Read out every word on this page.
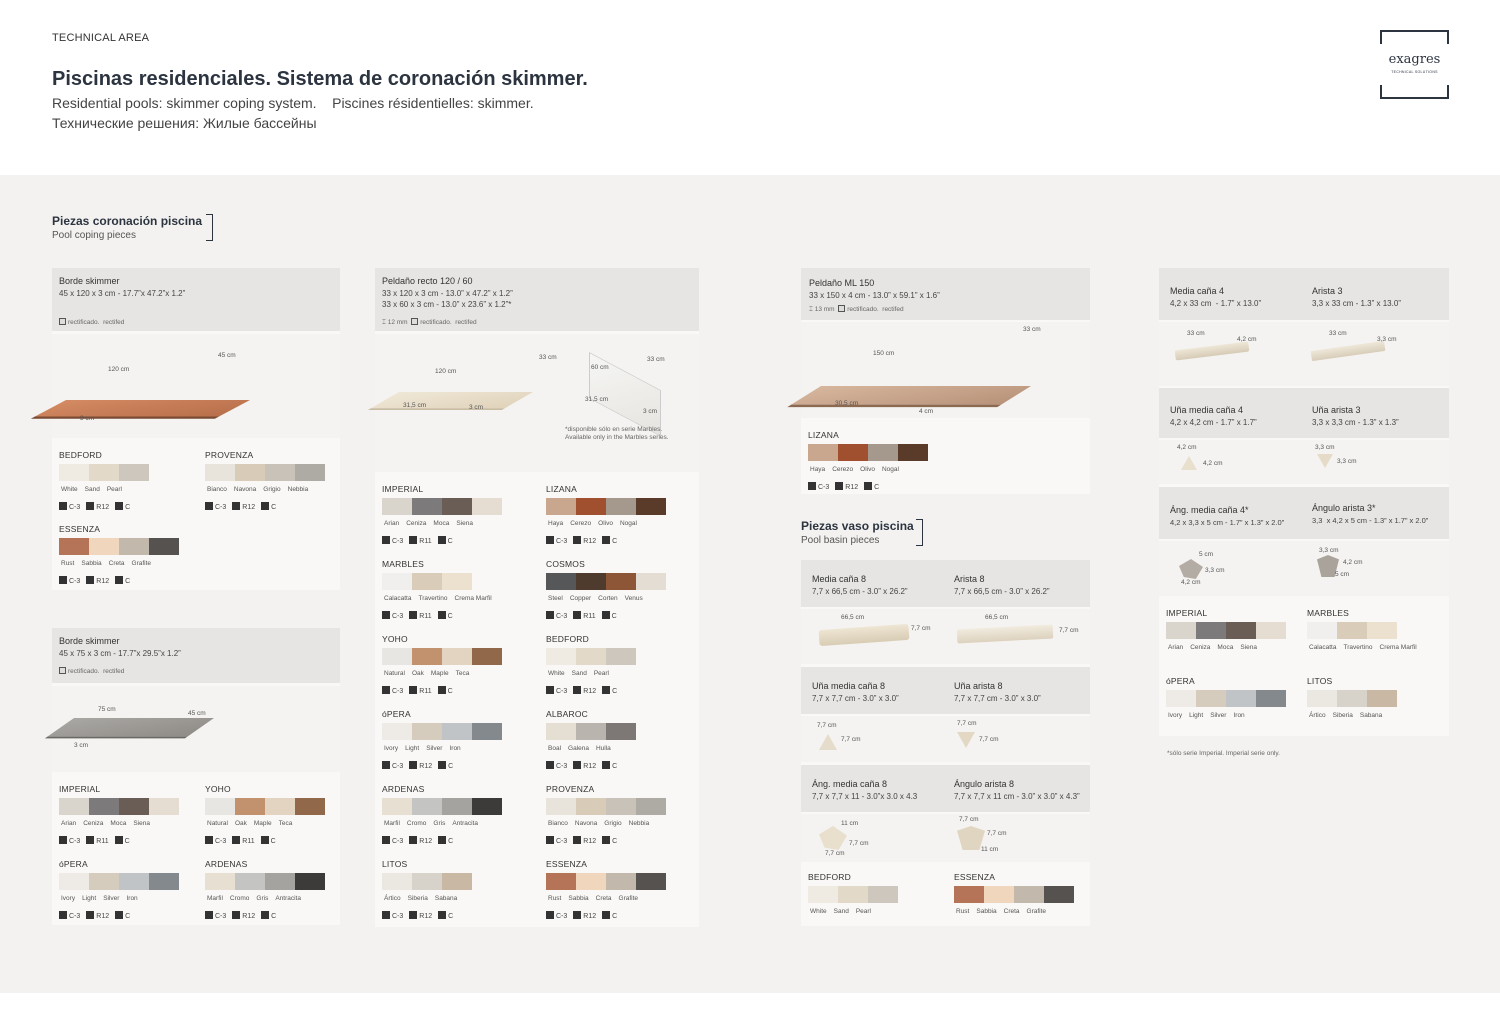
TECHNICAL AREA
Piscinas residenciales. Sistema de coronación skimmer.
Residential pools: skimmer coping system.    Piscines résidentielles: skimmer.
Технические решения: Жилые бассейны
exagres
TECHNICAL SOLUTIONS
Piezas coronación piscina
Pool coping pieces
Piezas vaso piscina
Pool basin pieces
Borde skimmer
45 x 120 x 3 cm - 17.7”x 47.2”x 1.2”
rectificado. rectifed
120 cm
45 cm
3 cm
BEDFORD
White Sand Pearl
C-3 R12 C
PROVENZA
Bianco Navona Grigio Nebbia
C-3 R12 C
ESSENZA
Rust Sabbia Creta Grafite
C-3 R12 C
Borde skimmer
45 x 75 x 3 cm - 17.7”x 29.5”x 1.2”
rectificado. rectifed
75 cm
45 cm
3 cm
IMPERIAL
Arian Ceniza Moca Siena
C-3 R11 C
YOHO
Natural Oak Maple Teca
C-3 R11 C
óPERA
Ivory Light Silver Iron
C-3 R12 C
ARDENAS
Marfil Cromo Gris Antracita
C-3 R12 C
Peldaño recto 120 / 60
33 x 120 x 3 cm - 13.0” x 47.2” x 1.2”
33 x 60 x 3 cm - 13.0” x 23.6” x 1.2”*
⌶ 12 mm rectificado. rectifed
120 cm
33 cm
31,5 cm	3 cm
60 cm
33 cm
31,5 cm
3 cm
*disponible sólo en serie Marbles.
Available only in the Marbles series.
IMPERIAL
Arian Ceniza Moca Siena
C-3 R11 C
LIZANA
Haya Cerezo Olivo Nogal
C-3 R12 C
MARBLES
Calacatta Travertino Crema Marfil
C-3 R11 C
COSMOS
Steel Copper Corten Venus
C-3 R11 C
YOHO
Natural Oak Maple Teca
C-3 R11 C
BEDFORD
White Sand Pearl
C-3 R12 C
óPERA
Ivory Light Silver Iron
C-3 R12 C
ALBAROC
Boal Galena Hulla
C-3 R12 C
ARDENAS
Marfil Cromo Gris Antracita
C-3 R12 C
PROVENZA
Bianco Navona Grigio Nebbia
C-3 R12 C
LITOS
Ártico Siberia Sabana
C-3 R12 C
ESSENZA
Rust Sabbia Creta Grafite
C-3 R12 C
Peldaño ML 150
33 x 150 x 4 cm - 13.0” x 59.1” x 1.6”
⌶ 13 mm rectificado. rectifed
150 cm
33 cm
30,5 cm
4 cm
LIZANA
Haya Cerezo Olivo Nogal
C-3 R12 C
Media caña 8
7,7 x 66,5 cm - 3.0” x 26.2”
Arista 8
7,7 x 66,5 cm - 3.0” x 26.2”
66,5 cm
7,7 cm
66,5 cm
7,7 cm
Uña media caña 8
7,7 x 7,7 cm - 3.0” x 3.0”
Uña arista 8
7,7 x 7,7 cm - 3.0” x 3.0”
7,7 cm
7,7 cm
7,7 cm
7,7 cm
Áng. media caña 8
7,7 x 7,7 x 11 - 3.0”x 3.0 x 4.3
Ángulo arista 8
7,7 x 7,7 x 11 cm - 3.0” x 3.0” x 4.3”
11 cm
7,7 cm
7,7 cm
7,7 cm
7,7 cm
11 cm
BEDFORD
White Sand Pearl
ESSENZA
Rust Sabbia Creta Grafite
Media caña 4
4,2 x 33 cm  - 1.7” x 13.0”
Arista 3
3,3 x 33 cm - 1.3” x 13.0”
33 cm
4,2 cm
33 cm
3,3 cm
Uña media caña 4
4,2 x 4,2 cm - 1.7” x 1.7”
Uña arista 3
3,3 x 3,3 cm - 1.3” x 1.3”
4,2 cm
4,2 cm
3,3 cm
3,3 cm
Áng. media caña 4*
4,2 x 3,3 x 5 cm - 1.7” x 1.3” x 2.0”
Ángulo arista 3*
3,3  x 4,2 x 5 cm - 1.3” x 1.7” x 2.0”
5 cm
3,3 cm
4,2 cm
3,3 cm
4,2 cm
5 cm
IMPERIAL
Arian Ceniza Moca Siena
MARBLES
Calacatta Travertino Crema Marfil
óPERA
Ivory Light Silver Iron
LITOS
Ártico Siberia Sabana
*sólo serie Imperial. Imperial serie only.
